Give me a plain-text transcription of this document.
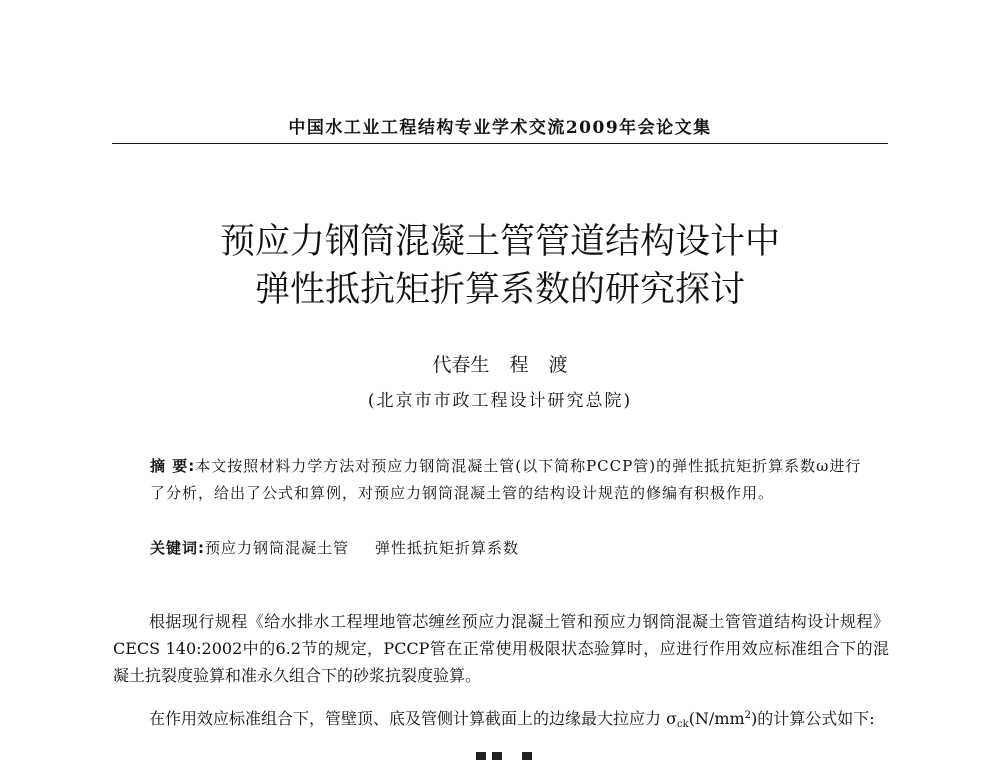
中国水工业工程结构专业学术交流2009年会论文集
预应力钢筒混凝土管管道结构设计中
弹性抵抗矩折算系数的研究探讨
代春生 程 渡
(北京市市政工程设计研究总院)
摘 要:本文按照材料力学方法对预应力钢筒混凝土管(以下简称PCCP管)的弹性抵抗矩折算系数ω进行了分析，给出了公式和算例，对预应力钢筒混凝土管的结构设计规范的修编有积极作用。
关键词:预应力钢筒混凝土管 弹性抵抗矩折算系数
根据现行规程《给水排水工程埋地管芯缠丝预应力混凝土管和预应力钢筒混凝土管管道结构设计规程》CECS 140:2002中的6.2节的规定，PCCP管在正常使用极限状态验算时，应进行作用效应标准组合下的混凝土抗裂度验算和准永久组合下的砂浆抗裂度验算。
在作用效应标准组合下，管壁顶、底及管侧计算截面上的边缘最大拉应力 $\sigma_{ck}(N/mm^2)$的计算公式如下:
